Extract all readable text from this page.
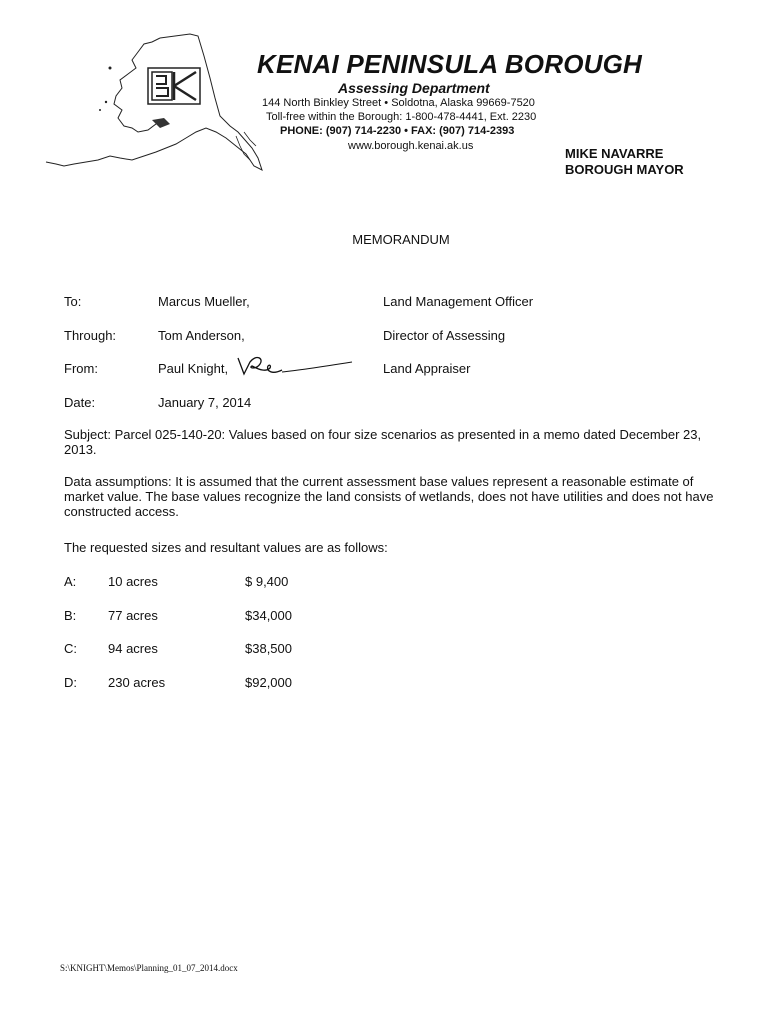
KPB
KENAI PENINSULA BOROUGH
Assessing Department
144 North Binkley Street • Soldotna, Alaska 99669-7520
Toll-free within the Borough: 1-800-478-4441, Ext. 2230
PHONE: (907) 714-2230 • FAX: (907) 714-2393
www.borough.kenai.ak.us	MIKE NAVARRE
BOROUGH MAYOR
MEMORANDUM
To:	Marcus Mueller,	Land Management Officer
Through:	Tom Anderson,	Director of Assessing
From:	Paul Knight,	Land Appraiser
Date:	January 7, 2014
Subject: Parcel 025-140-20: Values based on four size scenarios as presented in a memo dated December 23, 2013.
Data assumptions: It is assumed that the current assessment base values represent a reasonable estimate of market value. The base values recognize the land consists of wetlands, does not have utilities and does not have constructed access.
The requested sizes and resultant values are as follows:
A: 10 acres	$ 9,400
B: 77 acres	$34,000
C: 94 acres	$38,500
D: 230 acres	$92,000
S:\KNIGHT\Memos\Planning_01_07_2014.docx
